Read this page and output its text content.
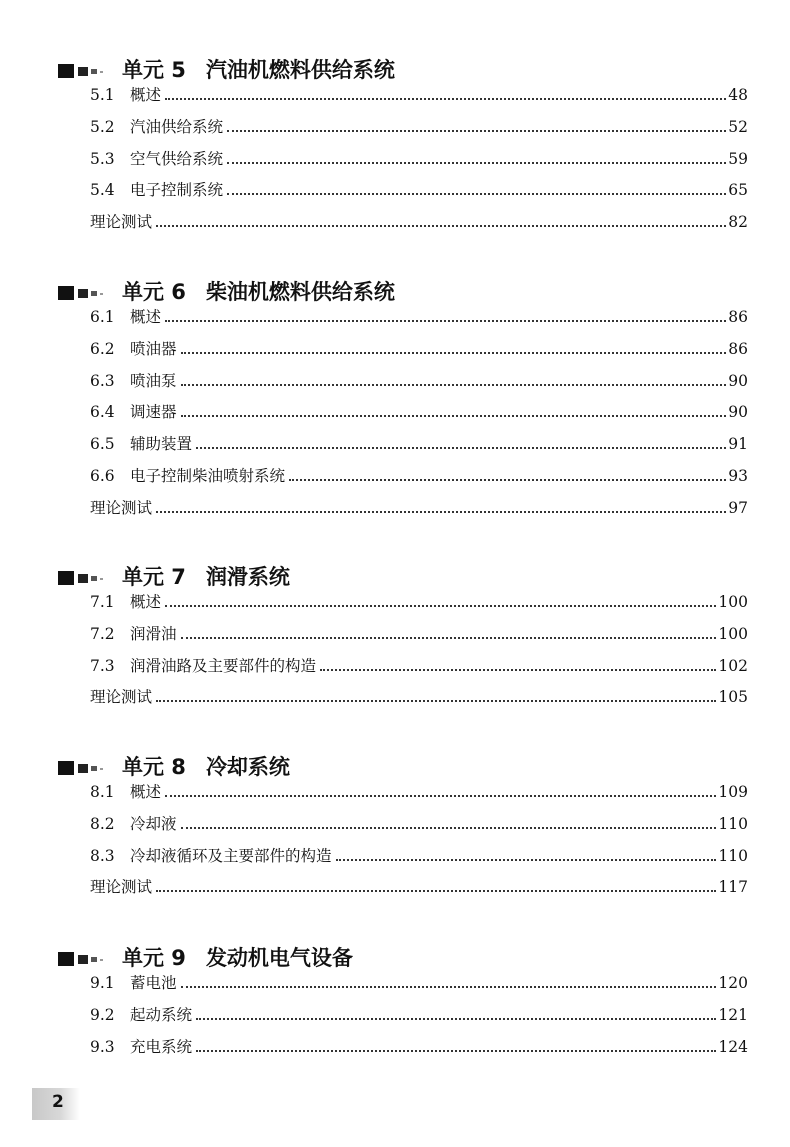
单元 5 汽油机燃料供给系统
5.1 概述	48
5.2 汽油供给系统	52
5.3 空气供给系统	59
5.4 电子控制系统	65
理论测试	82
单元 6 柴油机燃料供给系统
6.1 概述	86
6.2 喷油器	86
6.3 喷油泵	90
6.4 调速器	90
6.5 辅助装置	91
6.6 电子控制柴油喷射系统	93
理论测试	97
单元 7 润滑系统
7.1 概述	100
7.2 润滑油	100
7.3 润滑油路及主要部件的构造	102
理论测试	105
单元 8 冷却系统
8.1 概述	109
8.2 冷却液	110
8.3 冷却液循环及主要部件的构造	110
理论测试	117
单元 9 发动机电气设备
9.1 蓄电池	120
9.2 起动系统	121
9.3 充电系统	124
2
